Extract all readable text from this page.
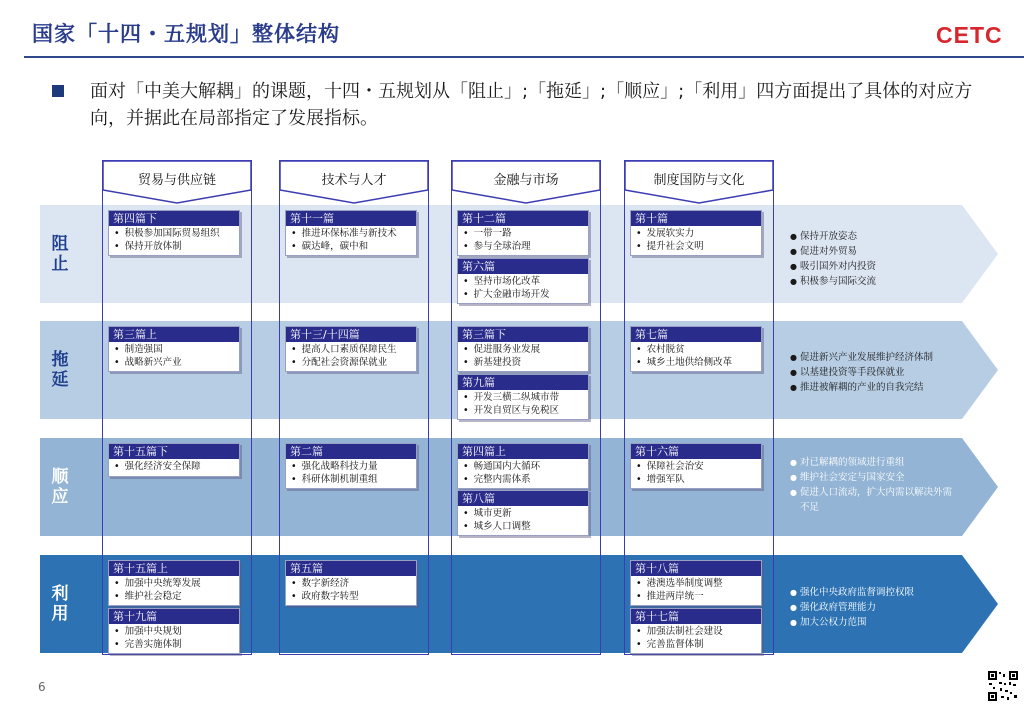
国家「十四・五规划」整体结构	CETC
面对「中美大解耦」的课题，十四・五规划从「阻止」;「拖延」;「顺应」;「利用」四方面提出了具体的对应方向，并据此在局部指定了发展指标。
阻
止
拖
延
顺
应
利
用
贸易与供应链	技术与人才	金融与市场	制度国防与文化
第四篇下
• 积极参加国际贸易组织
• 保持开放体制
第十一篇
• 推进环保标准与新技术
• 碳达峰，碳中和
第十二篇
• 一带一路
• 参与全球治理
第六篇
• 坚持市场化改革
• 扩大金融市场开发
第十篇
• 发展软实力
• 提升社会文明
第三篇上
• 制造强国
• 战略新兴产业
第十三/十四篇
• 提高人口素质保障民生
• 分配社会资源保就业
第三篇下
• 促进服务业发展
• 新基建投资
第九篇
• 开发三横二纵城市带
• 开发自贸区与免税区
第七篇
• 农村脱贫
• 城乡土地供给侧改革
第十五篇下
• 强化经济安全保障
第二篇
• 强化战略科技力量
• 科研体制机制重组
第四篇上
• 畅通国内大循环
• 完整内需体系
第八篇
• 城市更新
• 城乡人口调整
第十六篇
• 保障社会治安
• 增强军队
第十五篇上
• 加强中央统筹发展
• 维护社会稳定
第十九篇
• 加强中央规划
• 完善实施体制
第五篇
• 数字新经济
• 政府数字转型
第十八篇
• 港澳选举制度调整
• 推进两岸统一
第十七篇
• 加强法制社会建设
• 完善监督体制
● 保持开放姿态
● 促进对外贸易
● 吸引国外对内投资
● 积极参与国际交流
● 促进新兴产业发展维护经济体制
● 以基建投资等手段保就业
● 推进被解耦的产业的自我完结
● 对已解耦的领域进行重组
● 维护社会安定与国家安全
● 促进人口流动，扩大内需以解决外需不足
● 强化中央政府监督调控权限
● 强化政府管理能力
● 加大公权力范围
6
